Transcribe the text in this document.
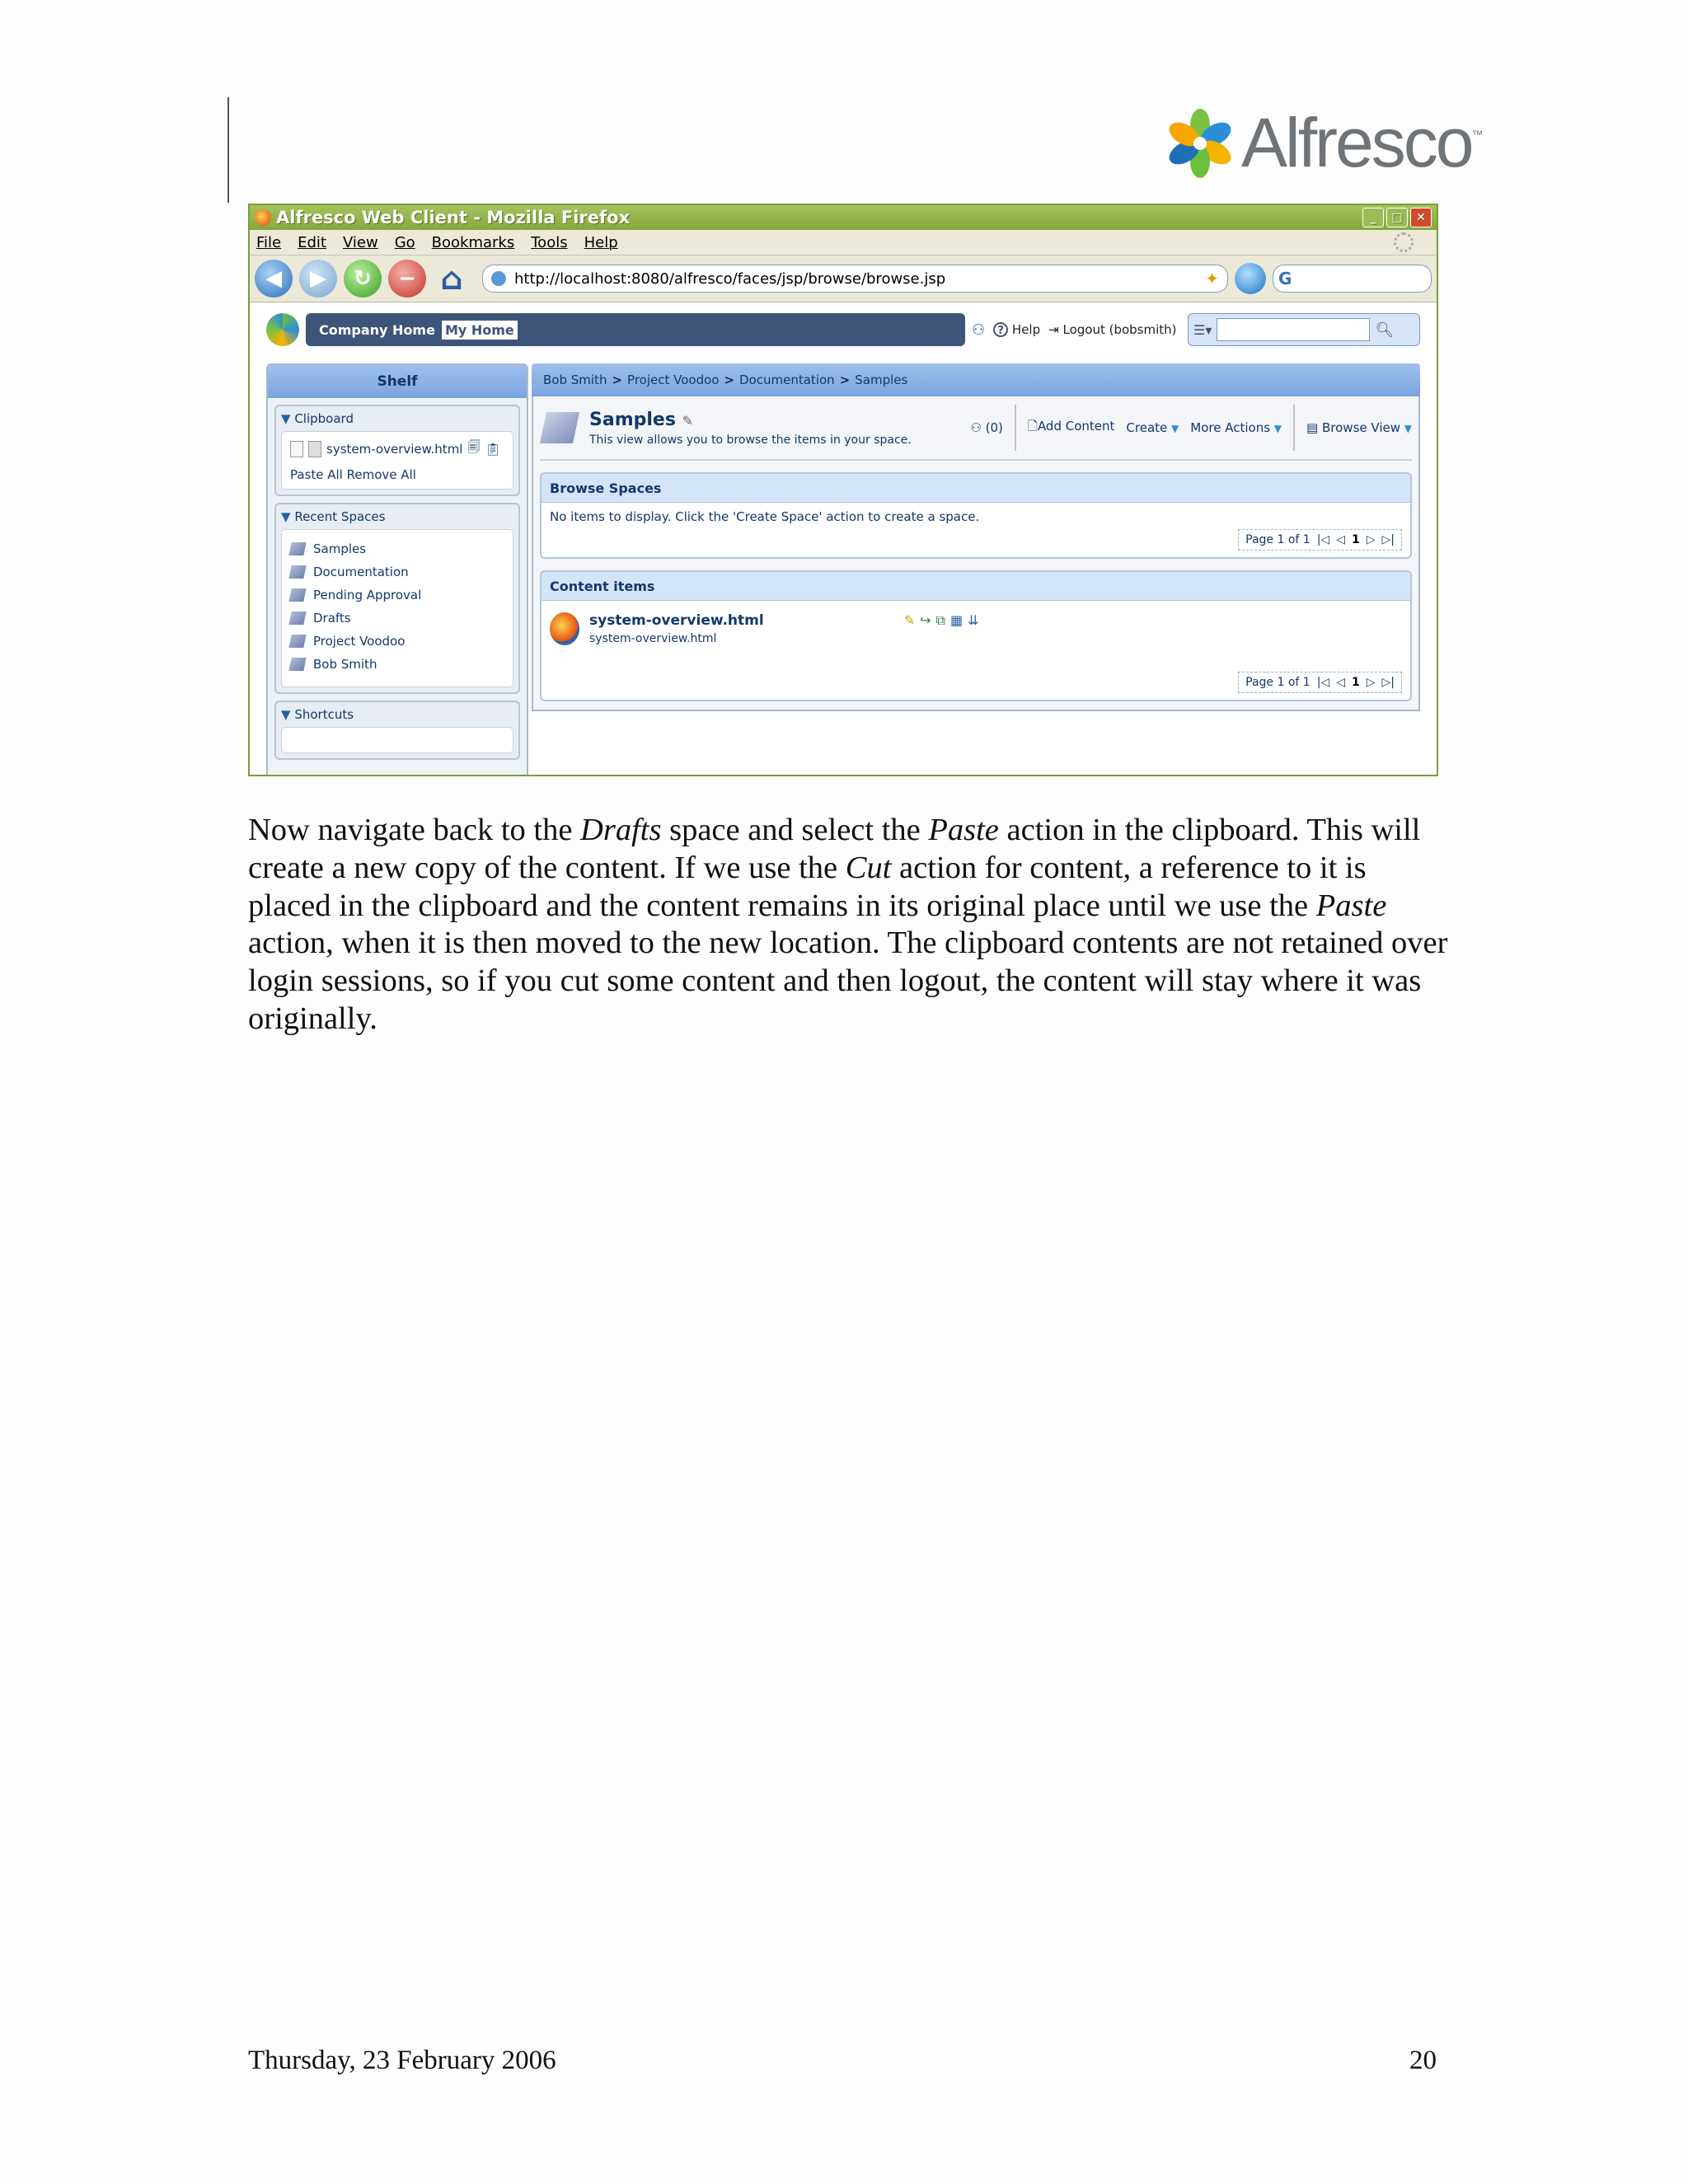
Alfresco ™
Alfresco Web Client - Mozilla Firefox	_	□	✕
File Edit View Go Bookmarks Tools Help
◀	▶	↻	− ⌂	http://localhost:8080/alfresco/faces/jsp/browse/browse.jsp	✦	G
Company Home My Home	⚇	? Help ⇥ Logout (bobsmith) ☰▾	🔍︎
Shelf
▼ Clipboard
system-overview.html 🗐 📋︎
Paste All Remove All
▼ Recent Spaces
Samples
Documentation
Pending Approval
Drafts
Project Voodoo
Bob Smith
▼ Shortcuts
Bob Smith > Project Voodoo > Documentation > Samples
Samples ✎
This view allows you to browse the items in your space.
⚇ (0) 🗋Add Content Create ▼ More Actions ▼ ▤ Browse View ▼
Browse Spaces
No items to display. Click the 'Create Space' action to create a space.
Page 1 of 1 |◁ ◁ 1 ▷ ▷|
Content items
system-overview.html
system-overview.html
✎ ↪ ⧉ ▦ ⇊
Page 1 of 1 |◁ ◁ 1 ▷ ▷|
Now navigate back to the Drafts space and select the Paste action in the clipboard. This will create a new copy of the content. If we use the Cut action for content, a reference to it is placed in the clipboard and the content remains in its original place until we use the Paste action, when it is then moved to the new location. The clipboard contents are not retained over login sessions, so if you cut some content and then logout, the content will stay where it was originally.
Thursday, 23 February 2006	20
